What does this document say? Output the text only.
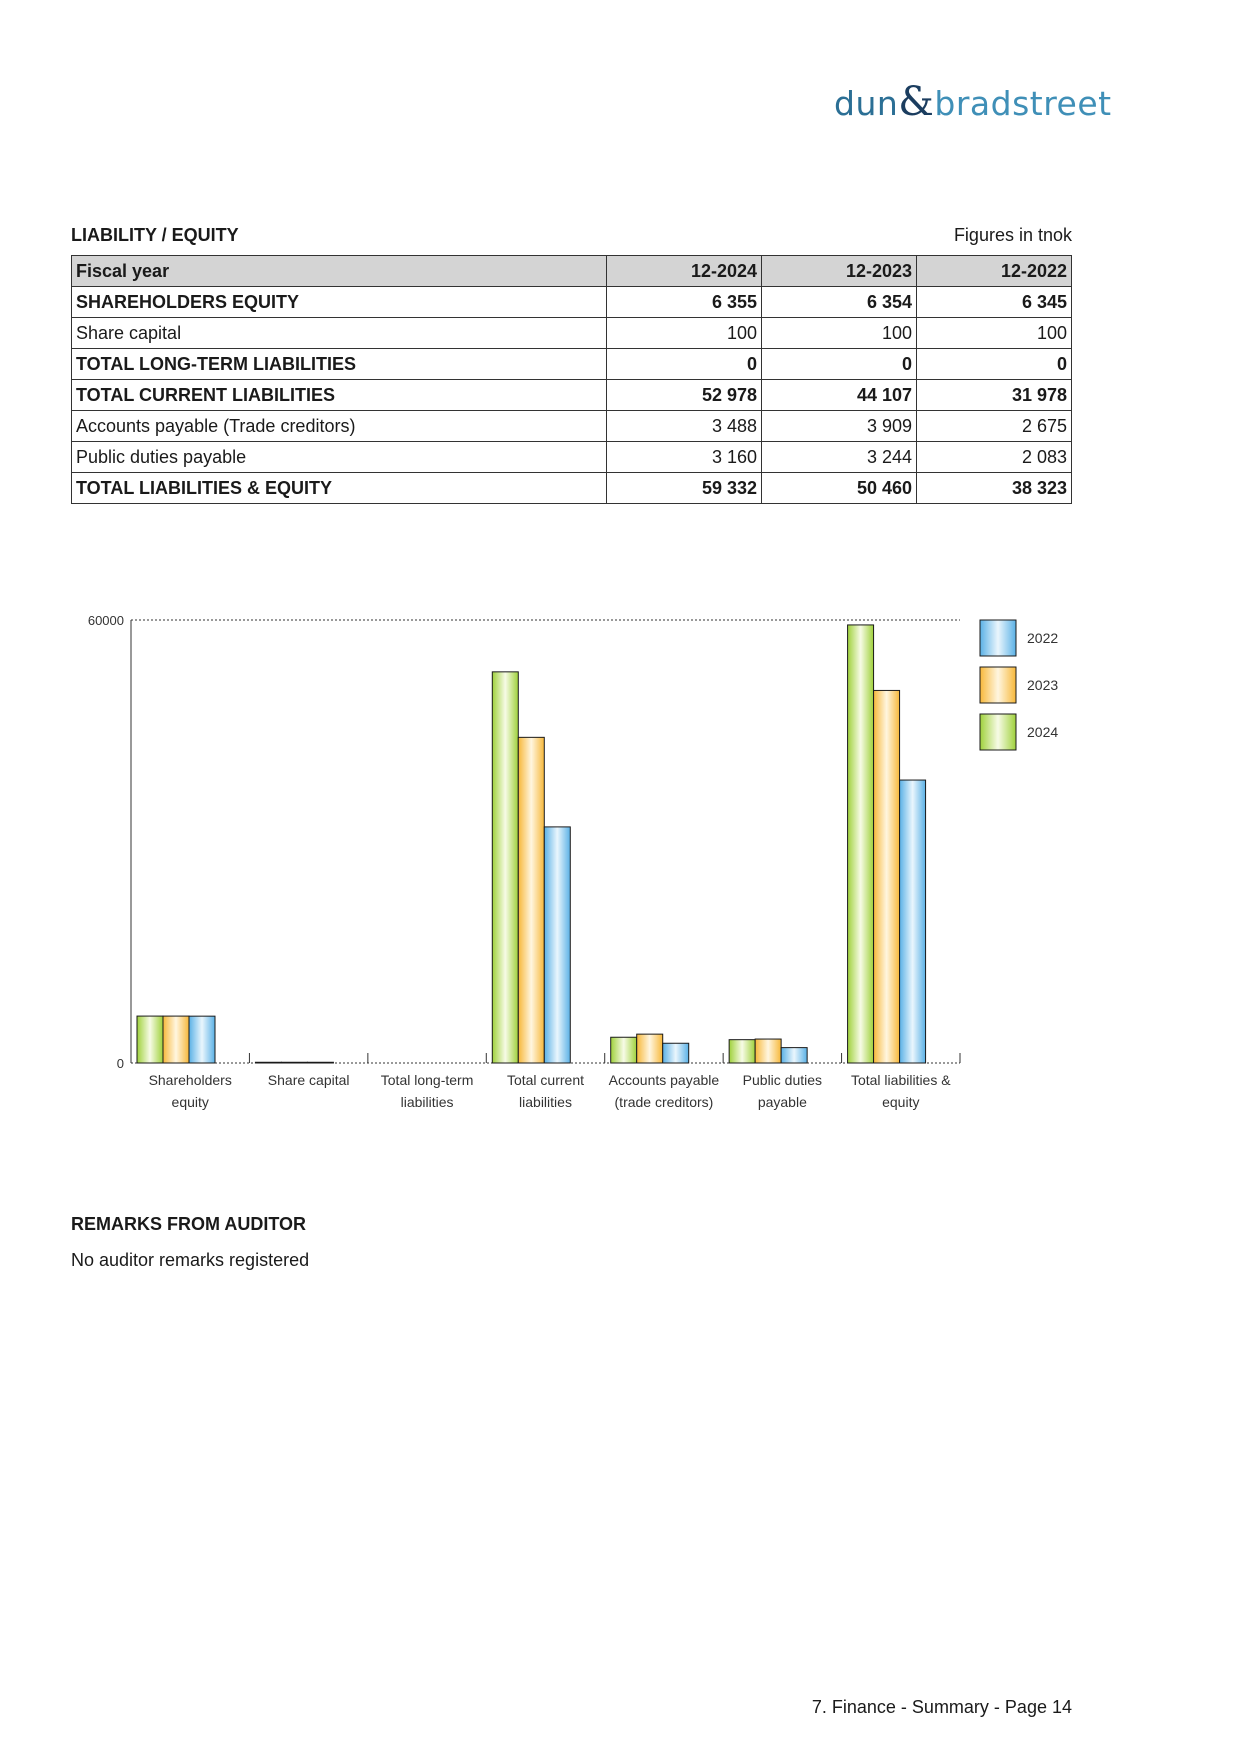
dun&bradstreet
LIABILITY / EQUITY	Figures in tnok
Fiscal year	12-2024	12-2023	12-2022
SHAREHOLDERS EQUITY	6 355	6 354	6 345
Share capital	100	100	100
TOTAL LONG-TERM LIABILITIES	0	0	0
TOTAL CURRENT LIABILITIES	52 978	44 107	31 978
Accounts payable (Trade creditors)	3 488	3 909	2 675
Public duties payable	3 160	3 244	2 083
TOTAL LIABILITIES & EQUITY	59 332	50 460	38 323
0
60000
Shareholders
equity
Share capital Total long-term
liabilities
Total current
liabilities
Accounts payable
(trade creditors)
Public duties
payable
Total liabilities &
equity
2022
2023
2024
REMARKS FROM AUDITOR
No auditor remarks registered
7. Finance - Summary - Page 14
